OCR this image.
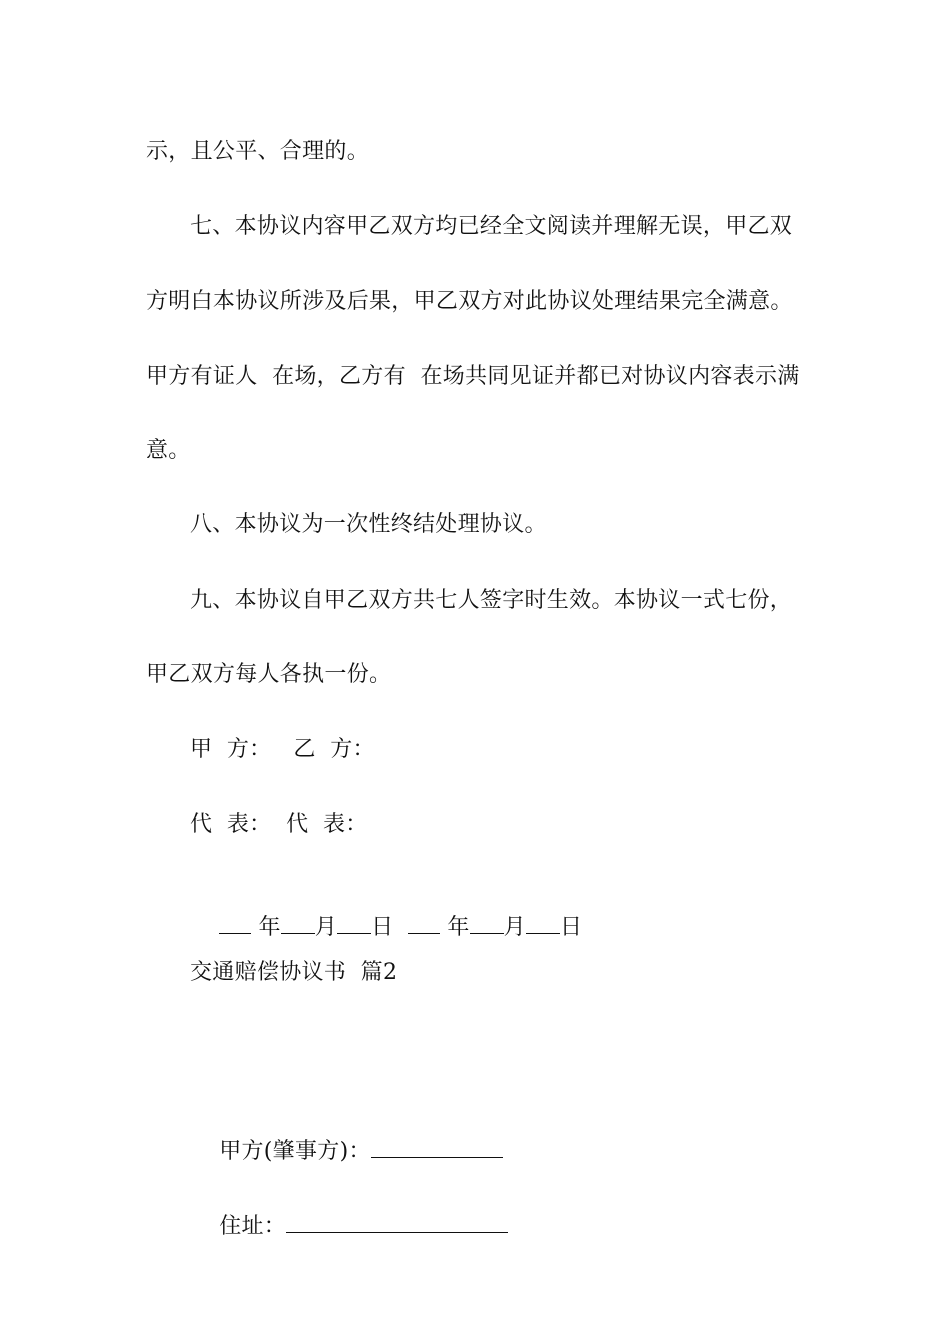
示，且公平、合理的。
七、本协议内容甲乙双方均已经全文阅读并理解无误，甲乙双
方明白本协议所涉及后果，甲乙双方对此协议处理结果完全满意。
甲方有证人  在场，乙方有  在场共同见证并都已对协议内容表示满
意。
八、本协议为一次性终结处理协议。
九、本协议自甲乙双方共七人签字时生效。本协议一式七份，
甲乙双方每人各执一份。
甲  方：   乙  方：
代  表：  代  表：

年 月 日 年 月 日

交通赔偿协议书  篇2

甲方(肇事方)：

住址：
